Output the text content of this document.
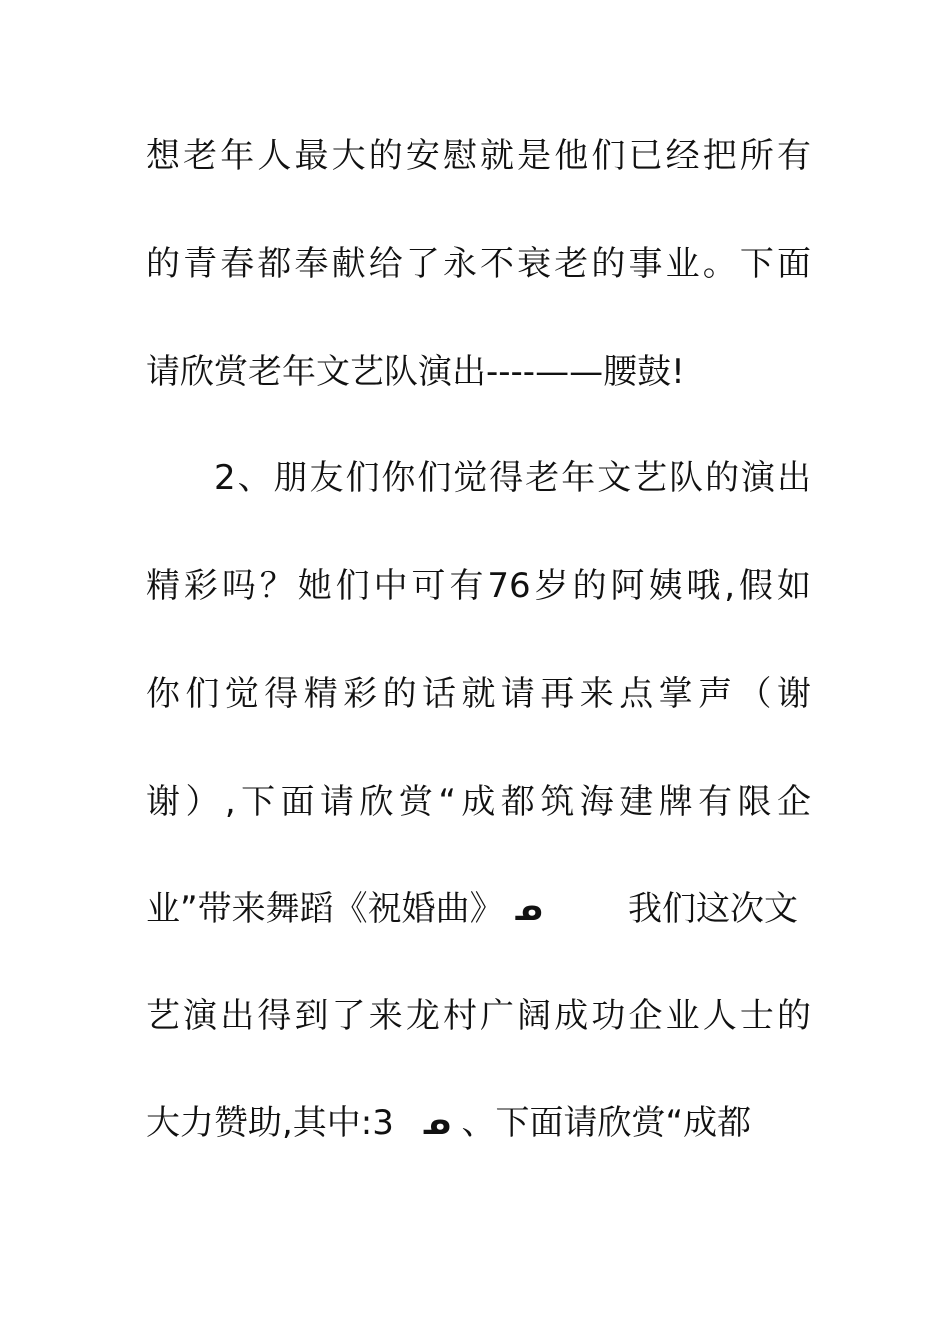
想老年人最大的安慰就是他们已经把所有
的青春都奉献给了永不衰老的事业。下面
请欣赏老年文艺队演出----——腰鼓!
2、朋友们你们觉得老年文艺队的演出
精彩吗？她们中可有76岁的阿姨哦,假如
你们觉得精彩的话就请再来点掌声（谢
谢）,下面请欣赏“成都筑海建牌有限企
业”带来舞蹈《祝婚曲》 ᓄ	我们这次文
艺演出得到了来龙村广阔成功企业人士的
大力赞助,其中:3 ᓄ 、下面请欣赏“成都
